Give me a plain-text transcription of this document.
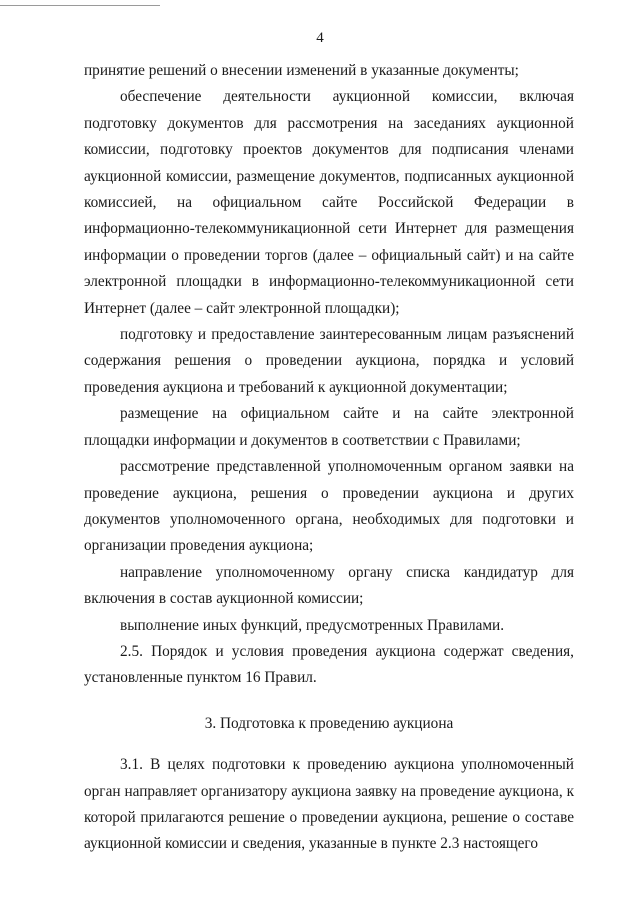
4

принятие решений о внесении изменений в указанные документы;

обеспечение деятельности аукционной комиссии, включая подготовку документов для рассмотрения на заседаниях аукционной комиссии, подготовку проектов документов для подписания членами аукционной комиссии, размещение документов, подписанных аукционной комиссией, на официальном сайте Российской Федерации в информационно-телекоммуникационной сети Интернет для размещения информации о проведении торгов (далее – официальный сайт) и на сайте электронной площадки в информационно-телекоммуникационной сети Интернет (далее – сайт электронной площадки);

подготовку и предоставление заинтересованным лицам разъяснений содержания решения о проведении аукциона, порядка и условий проведения аукциона и требований к аукционной документации;

размещение на официальном сайте и на сайте электронной площадки информации и документов в соответствии с Правилами;

рассмотрение представленной уполномоченным органом заявки на проведение аукциона, решения о проведении аукциона и других документов уполномоченного органа, необходимых для подготовки и организации проведения аукциона;

направление уполномоченному органу списка кандидатур для включения в состав аукционной комиссии;

выполнение иных функций, предусмотренных Правилами.

2.5. Порядок и условия проведения аукциона содержат сведения, установленные пунктом 16 Правил.

3. Подготовка к проведению аукциона

3.1. В целях подготовки к проведению аукциона уполномоченный орган направляет организатору аукциона заявку на проведение аукциона, к которой прилагаются решение о проведении аукциона, решение о составе аукционной комиссии и сведения, указанные в пункте 2.3 настоящего
